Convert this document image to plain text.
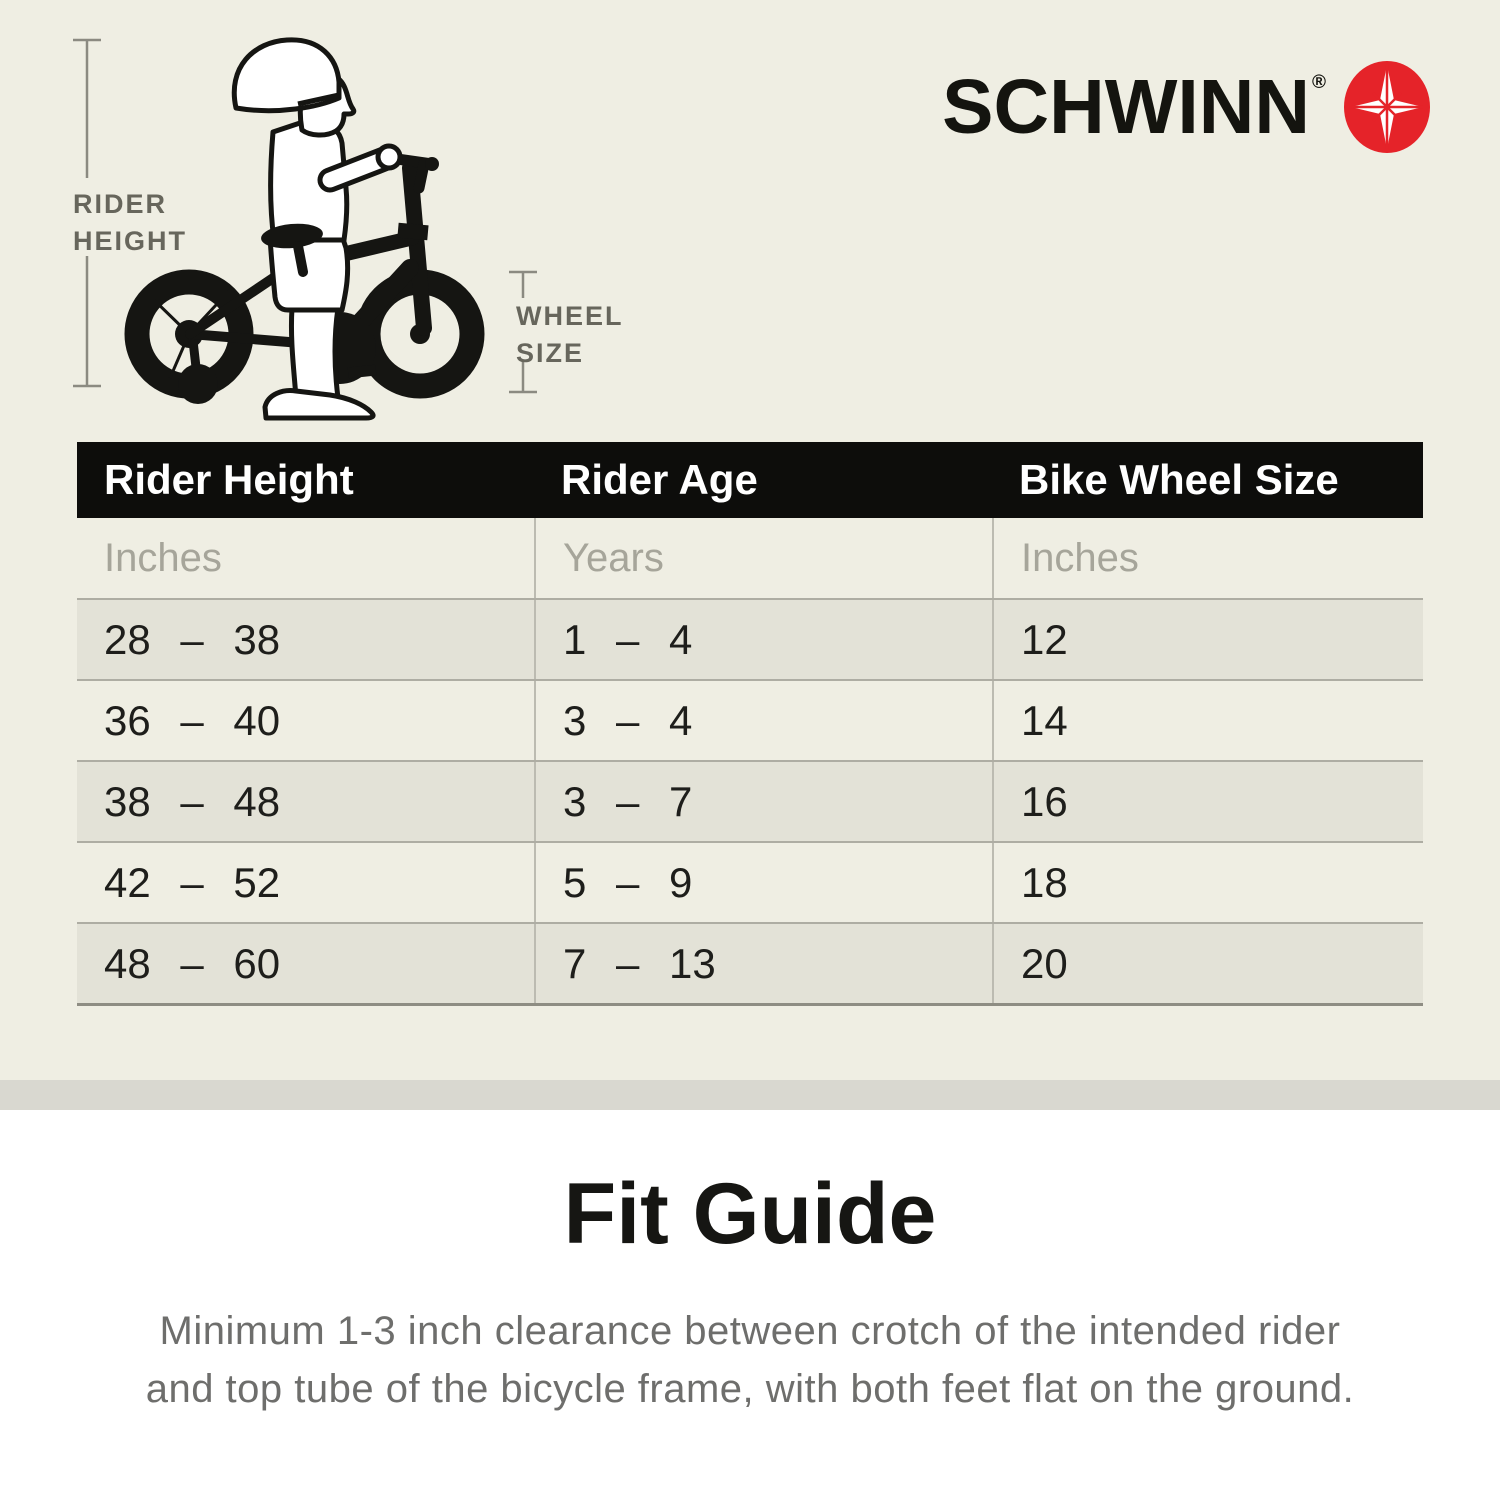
RIDER
HEIGHT
WHEEL
SIZE
SCHWINN ®
Rider Height	Rider Age	Bike Wheel Size
Inches	Years	Inches
28 – 38	1 – 4	12
36 – 40	3 – 4	14
38 – 48	3 – 7	16
42 – 52	5 – 9	18
48 – 60	7 – 13	20
Fit Guide

Minimum 1-3 inch clearance between crotch of the intended rider
and top tube of the bicycle frame, with both feet flat on the ground.
